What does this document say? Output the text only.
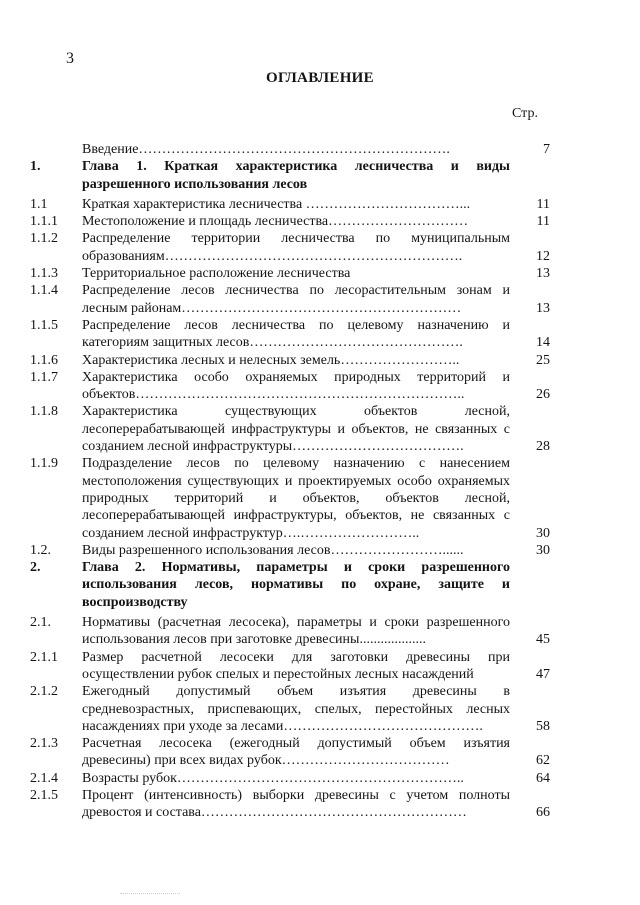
3
ОГЛАВЛЕНИЕ
Стр.
Введение………………………………………………………….	7
1.	Глава 1. Краткая характеристика лесничества и виды разрешенного использования лесов
1.1 Краткая характеристика лесничества ……………………………...	11
1.1.1 Местоположение и площадь лесничества…………………………	11
1.1.2 Распределение территории лесничества по муниципальным образованиям……………………………………………………….	12
1.1.3 Территориальное расположение лесничества	13
1.1.4 Распределение лесов лесничества по лесорастительным зонам и лесным районам……………………………………………………	13
1.1.5 Распределение лесов лесничества по целевому назначению и категориям защитных лесов……………………………………….	14
1.1.6 Характеристика лесных и нелесных земель……………………..	25
1.1.7 Характеристика особо охраняемых природных территорий и объектов……………………………………………………………..	26
1.1.8 Характеристика существующих объектов лесной, лесоперерабатывающей инфраструктуры и объектов, не связанных с созданием лесной инфраструктуры……………………………….	28
1.1.9 Подразделение лесов по целевому назначению с нанесением местоположения существующих и проектируемых особо охраняемых природных территорий и объектов, объектов лесной, лесоперерабатывающей инфраструктуры, объектов, не связанных с созданием лесной инфраструктур….……………………..	30
1.2. Виды разрешенного использования лесов……………………......	30
2.	Глава 2. Нормативы, параметры и сроки разрешенного использования лесов, нормативы по охране, защите и воспроизводству
2.1. Нормативы (расчетная лесосека), параметры и сроки разрешенного использования лесов при заготовке древесины...................	45
2.1.1 Размер расчетной лесосеки для заготовки древесины при осуществлении рубок спелых и перестойных лесных насаждений	47
2.1.2 Ежегодный допустимый объем изъятия древесины в средневозрастных, приспевающих, спелых, перестойных лесных насаждениях при уходе за лесами…………………………………….	58
2.1.3 Расчетная лесосека (ежегодный допустимый объем изъятия древесины) при всех видах рубок………………………………	62
2.1.4 Возрасты рубок……………………………………………………..	64
2.1.5 Процент (интенсивность) выборки древесины с учетом полноты древостоя и состава…………………………………………………	66
